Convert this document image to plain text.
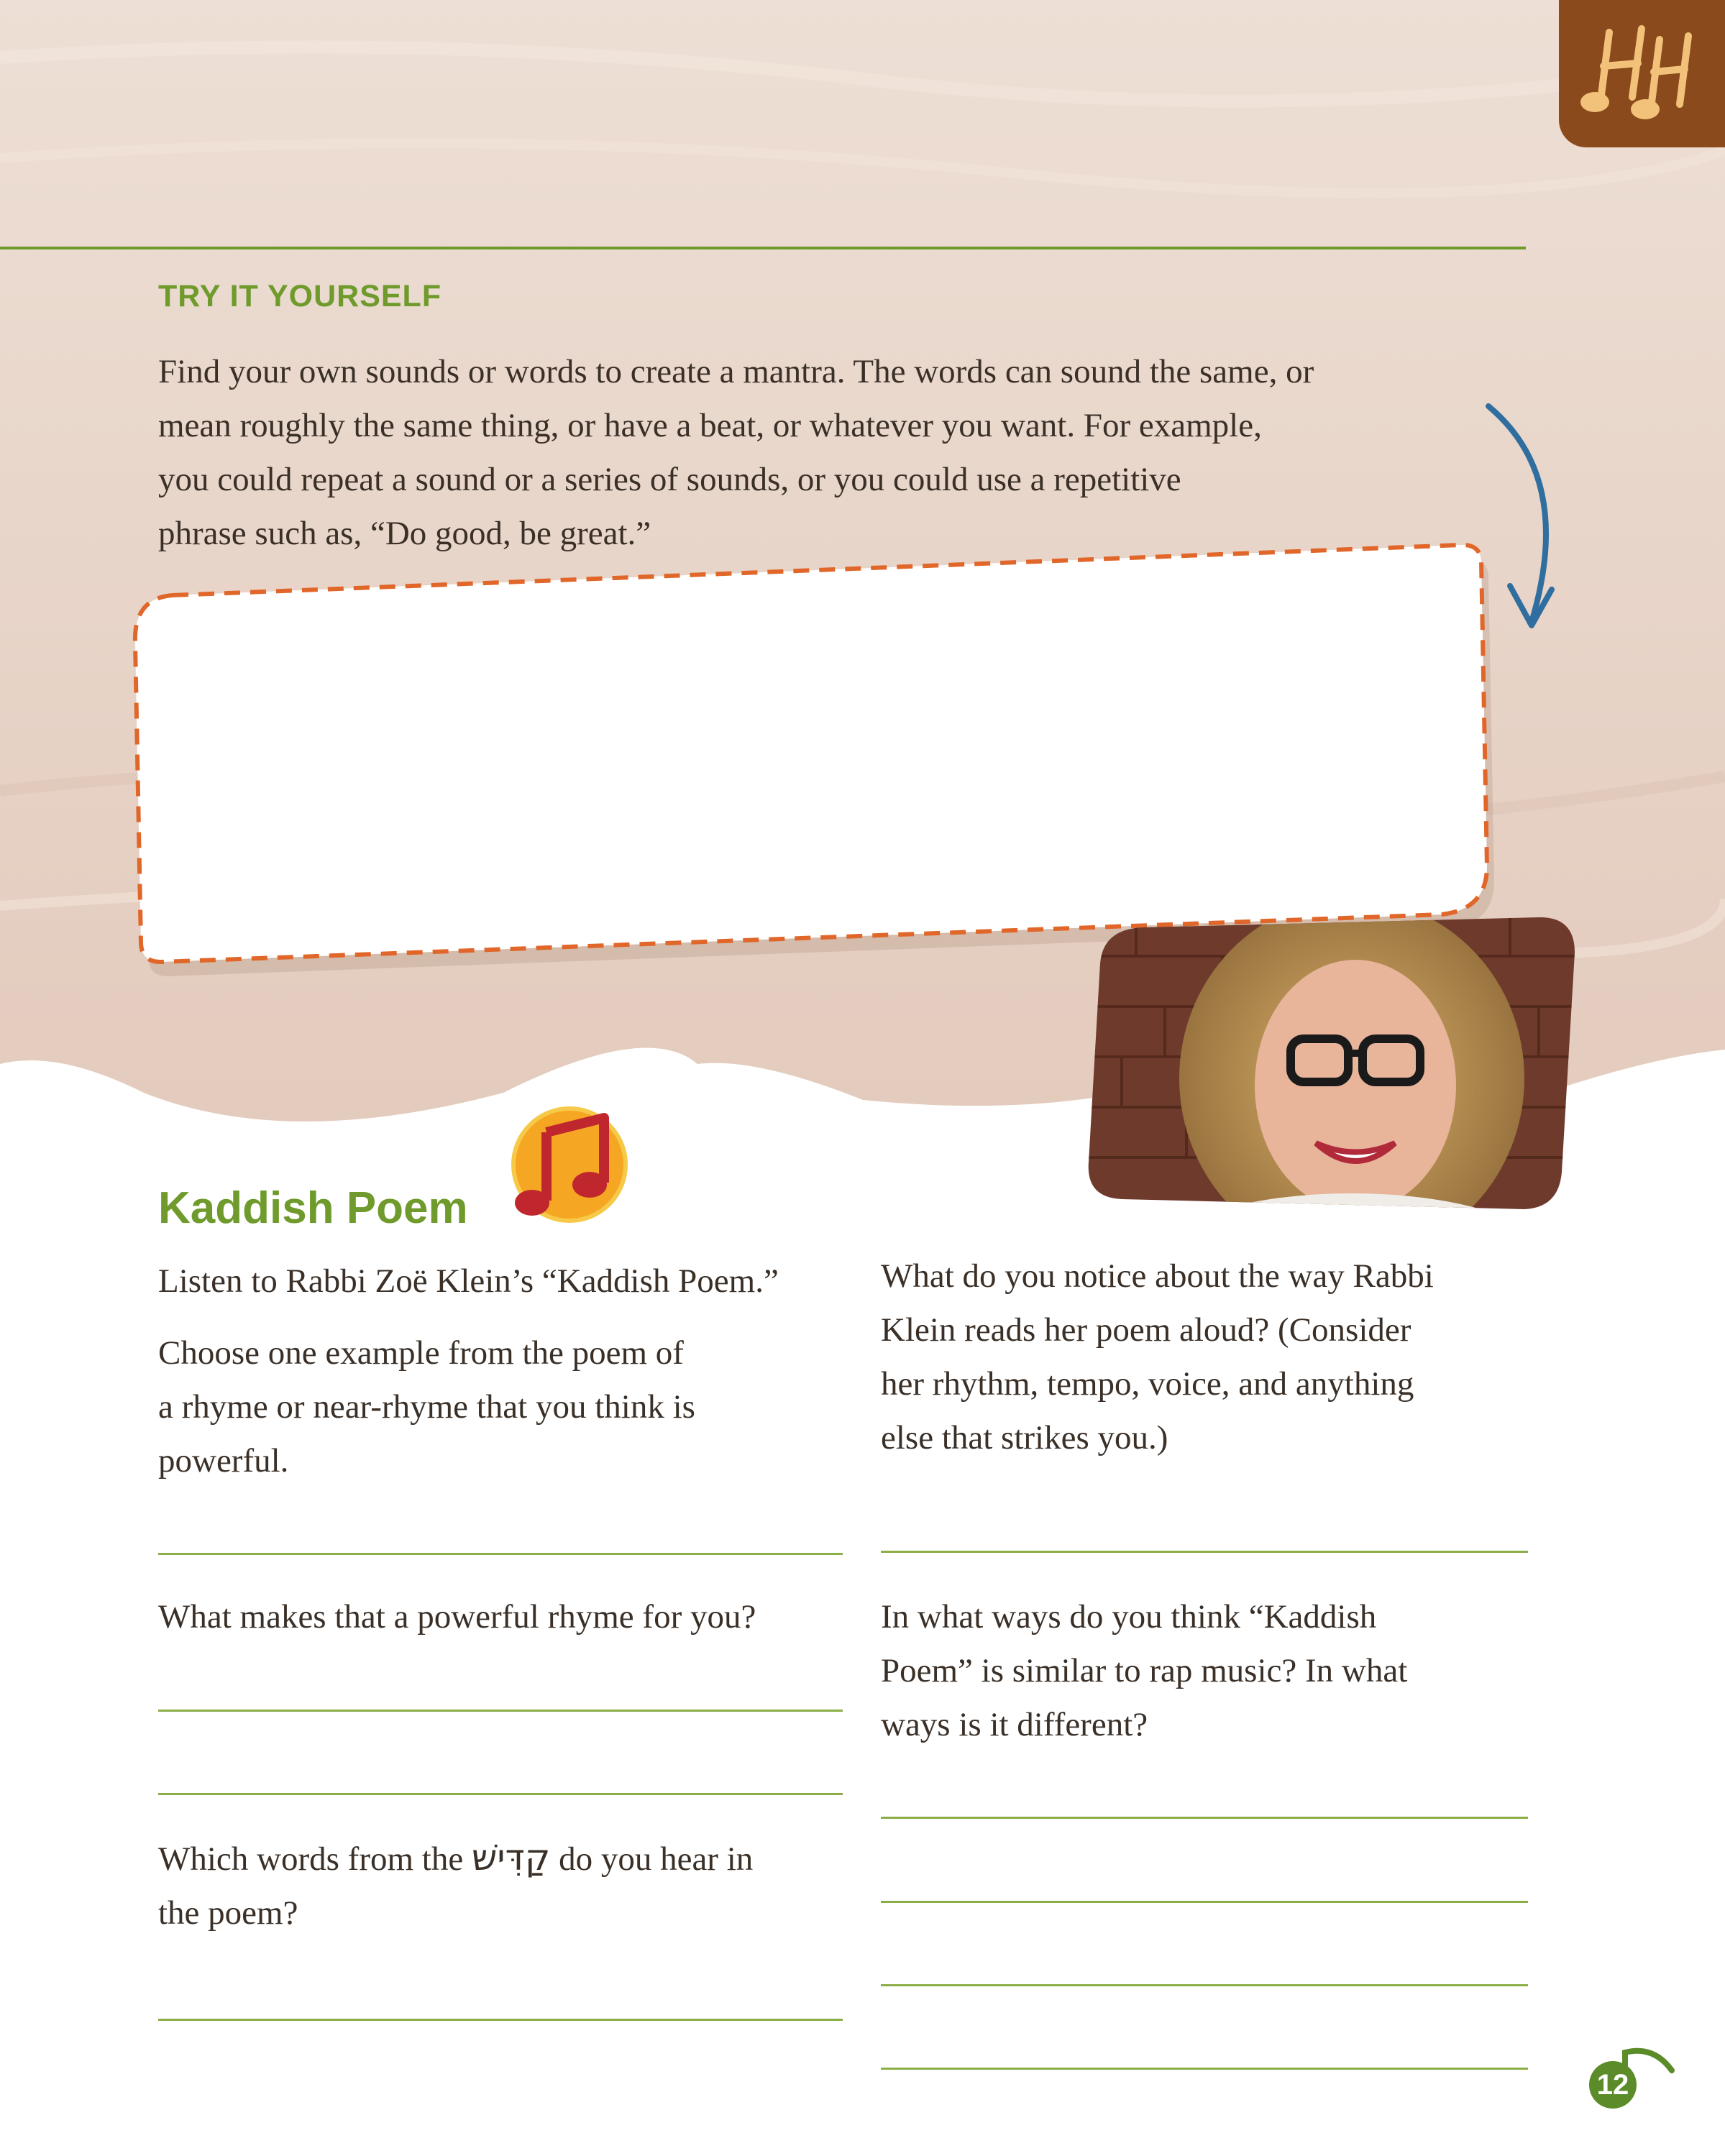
TRY IT YOURSELF
Find your own sounds or words to create a mantra. The words can sound the same, or
mean roughly the same thing, or have a beat, or whatever you want. For example,
you could repeat a sound or a series of sounds, or you could use a repetitive
phrase such as, “Do good, be great.”
Kaddish Poem
Listen to Rabbi Zoë Klein’s “Kaddish Poem.”
Choose one example from the poem of
a rhyme or near-rhyme that you think is
powerful.
What makes that a powerful rhyme for you?
Which words from the קַדִּישׁ do you hear in
the poem?
What do you notice about the way Rabbi
Klein reads her poem aloud? (Consider
her rhythm, tempo, voice, and anything
else that strikes you.)
In what ways do you think “Kaddish
Poem” is similar to rap music? In what
ways is it different?
12
